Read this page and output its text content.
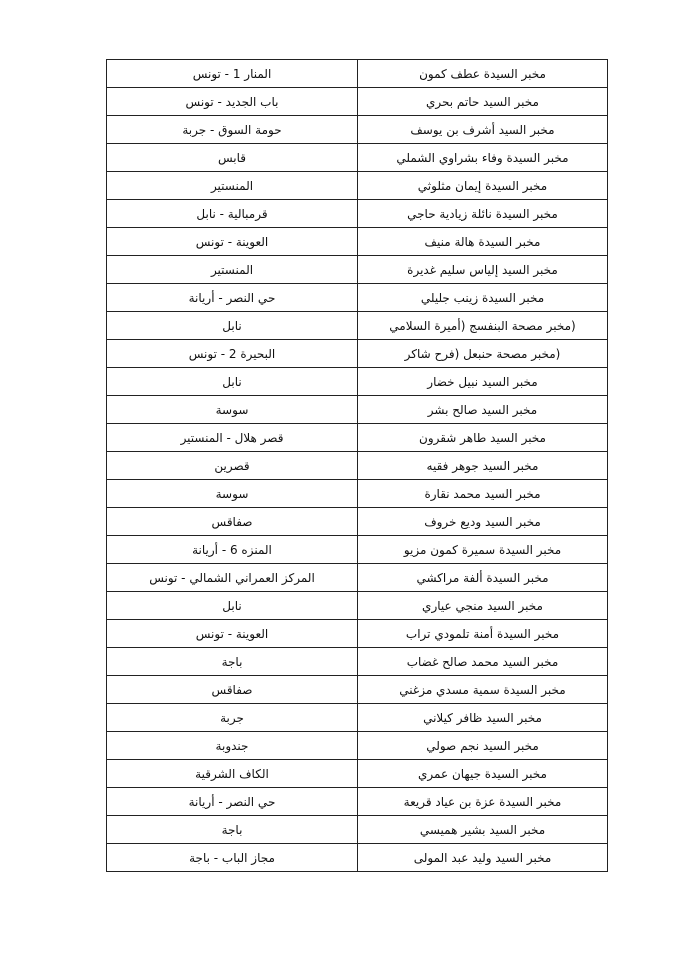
مخبر السيدة عطف كمون	المنار 1 - تونس
مخبر السيد حاتم بحري	باب الجديد - تونس
مخبر السيد أشرف بن يوسف	حومة السوق - جربة
مخبر السيدة وفاء بشراوي الشملي	قابس
مخبر السيدة إيمان مثلوثي	المنستير
مخبر السيدة نائلة زيادية حاجي	قرمبالية - نابل
مخبر السيدة هالة منيف	العوينة - تونس
مخبر السيد إلياس سليم غديرة	المنستير
مخبر السيدة زينب جليلي	حي النصر - أريانة
(مخبر مصحة البنفسج (أميرة السلامي	نابل
(مخبر مصحة حنبعل (فرح شاكر	البحيرة 2 - تونس
مخبر السيد نبيل خضار	نابل
مخبر السيد صالح بشر	سوسة
مخبر السيد طاهر شقرون	قصر هلال - المنستير
مخبر السيد جوهر فقيه	قصرين
مخبر السيد محمد نقارة	سوسة
مخبر السيد وديع خروف	صفاقس
مخبر السيدة سميرة كمون مزيو	المنزه 6 - أريانة
مخبر السيدة ألفة مراكشي	المركز العمراني الشمالي - تونس
مخبر السيد منجي عياري	نابل
مخبر السيدة أمنة تلمودي تراب	العوينة - تونس
مخبر السيد محمد صالح غضاب	باجة
مخبر السيدة سمية مسدي مزغني	صفاقس
مخبر السيد ظافر كيلاني	جربة
مخبر السيد نجم صولي	جندوبة
مخبر السيدة جيهان عمري	الكاف الشرقية
مخبر السيدة عزة بن عياد قريعة	حي النصر - أريانة
مخبر السيد بشير هميسي	باجة
مخبر السيد وليد عبد المولى	مجاز الباب - باجة
